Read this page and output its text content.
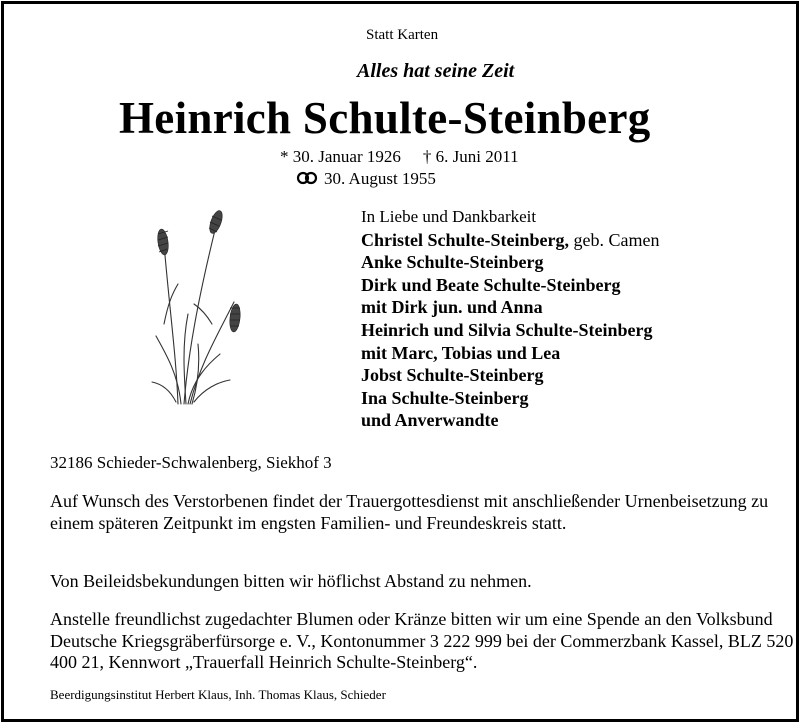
Statt Karten
Alles hat seine Zeit
Heinrich Schulte-Steinberg
* 30. Januar 1926 † 6. Juni 2011
30. August 1955
In Liebe und Dankbarkeit
Christel Schulte-Steinberg, geb. Camen
Anke Schulte-Steinberg
Dirk und Beate Schulte-Steinberg
mit Dirk jun. und Anna
Heinrich und Silvia Schulte-Steinberg
mit Marc, Tobias und Lea
Jobst Schulte-Steinberg
Ina Schulte-Steinberg
und Anverwandte
32186 Schieder-Schwalenberg, Siekhof 3
Auf Wunsch des Verstorbenen findet der Trauergottesdienst mit anschließender Urnenbeisetzung zu einem späteren Zeitpunkt im engsten Familien- und Freundeskreis statt.
Von Beileidsbekundungen bitten wir höflichst Abstand zu nehmen.
Anstelle freundlichst zugedachter Blumen oder Kränze bitten wir um eine Spende an den Volksbund Deutsche Kriegsgräberfürsorge e. V., Kontonummer 3 222 999 bei der Commerzbank Kassel, BLZ 520 400 21, Kennwort „Trauerfall Heinrich Schulte-Steinberg“.
Beerdigungsinstitut Herbert Klaus, Inh. Thomas Klaus, Schieder
